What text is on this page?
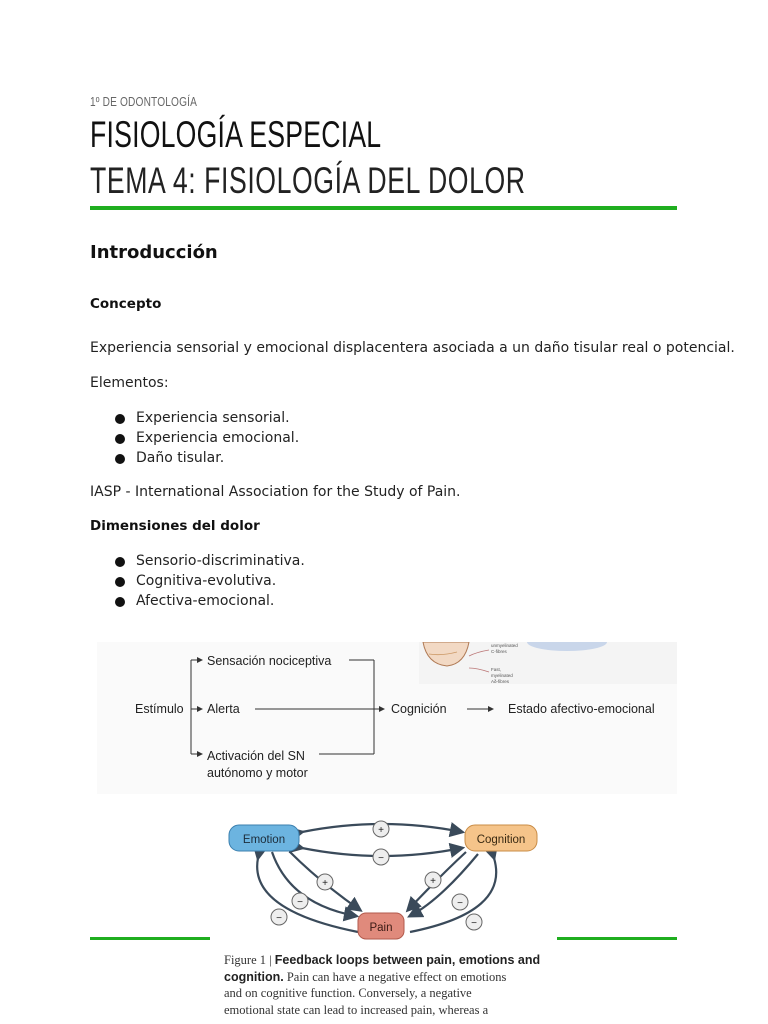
1º DE ODONTOLOGÍA
FISIOLOGÍA ESPECIAL
TEMA 4: FISIOLOGÍA DEL DOLOR
Introducción
Concepto
Experiencia sensorial y emocional displacentera asociada a un daño tisular real o potencial.
Elementos:
Experiencia sensorial.
Experiencia emocional.
Daño tisular.
IASP - International Association for the Study of Pain.
Dimensiones del dolor
Sensorio-discriminativa.
Cognitiva-evolutiva.
Afectiva-emocional.
unmyelinated
C-fibres
Fast,
myelinated
Aδ-fibres
Estímulo
Sensación nociceptiva
Alerta
Activación del SN
autónomo y motor
Cognición	Estado afectivo-emocional
Emotion	Cognition
Pain
+
−
+
−
−
+
−
−
Figure 1 | Feedback loops between pain, emotions and cognition. Pain can have a negative effect on emotions
and on cognitive function. Conversely, a negative
emotional state can lead to increased pain, whereas a
